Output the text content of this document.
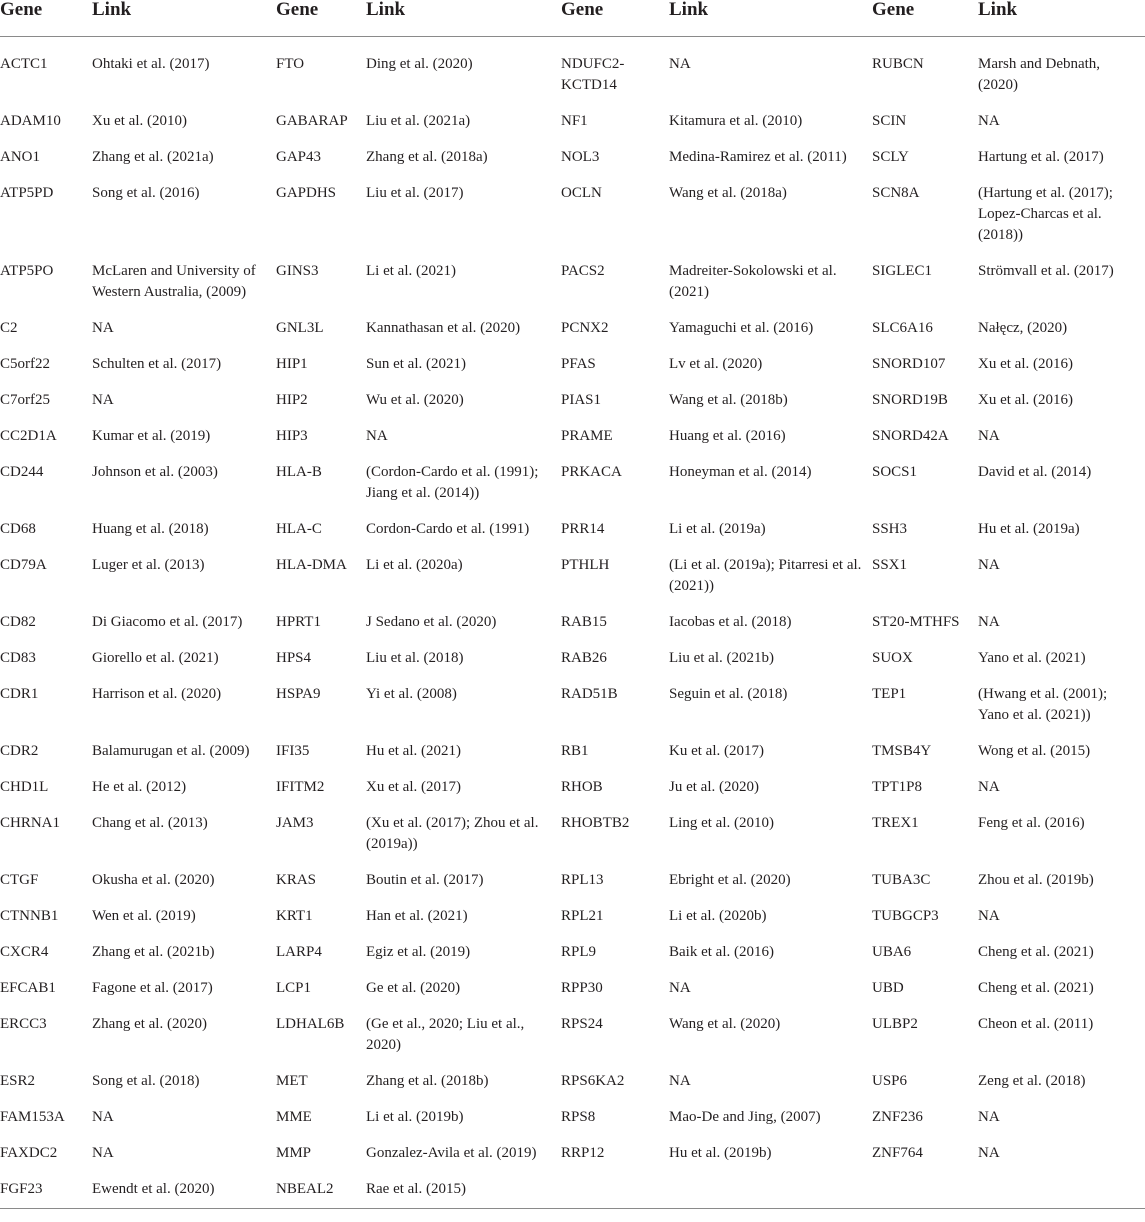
Gene	Link	Gene	Link	Gene	Link	Gene	Link
ACTC1	Ohtaki et al. (2017)	FTO	Ding et al. (2020)	NDUFC2-KCTD14	NA	RUBCN	Marsh and Debnath, (2020)
ADAM10	Xu et al. (2010)	GABARAP	Liu et al. (2021a)	NF1	Kitamura et al. (2010)	SCIN	NA
ANO1	Zhang et al. (2021a)	GAP43	Zhang et al. (2018a)	NOL3	Medina-Ramirez et al. (2011)	SCLY	Hartung et al. (2017)
ATP5PD	Song et al. (2016)	GAPDHS	Liu et al. (2017)	OCLN	Wang et al. (2018a)	SCN8A	(Hartung et al. (2017); Lopez-Charcas et al. (2018))
ATP5PO	McLaren and University of Western Australia, (2009)	GINS3	Li et al. (2021)	PACS2	Madreiter-Sokolowski et al. (2021)	SIGLEC1	Strömvall et al. (2017)
C2	NA	GNL3L	Kannathasan et al. (2020)	PCNX2	Yamaguchi et al. (2016)	SLC6A16	Nałęcz, (2020)
C5orf22	Schulten et al. (2017)	HIP1	Sun et al. (2021)	PFAS	Lv et al. (2020)	SNORD107	Xu et al. (2016)
C7orf25	NA	HIP2	Wu et al. (2020)	PIAS1	Wang et al. (2018b)	SNORD19B	Xu et al. (2016)
CC2D1A	Kumar et al. (2019)	HIP3	NA	PRAME	Huang et al. (2016)	SNORD42A	NA
CD244	Johnson et al. (2003)	HLA-B	(Cordon-Cardo et al. (1991); Jiang et al. (2014))	PRKACA	Honeyman et al. (2014)	SOCS1	David et al. (2014)
CD68	Huang et al. (2018)	HLA-C	Cordon-Cardo et al. (1991)	PRR14	Li et al. (2019a)	SSH3	Hu et al. (2019a)
CD79A	Luger et al. (2013)	HLA-DMA	Li et al. (2020a)	PTHLH	(Li et al. (2019a); Pitarresi et al. (2021))	SSX1	NA
CD82	Di Giacomo et al. (2017)	HPRT1	J Sedano et al. (2020)	RAB15	Iacobas et al. (2018)	ST20-MTHFS	NA
CD83	Giorello et al. (2021)	HPS4	Liu et al. (2018)	RAB26	Liu et al. (2021b)	SUOX	Yano et al. (2021)
CDR1	Harrison et al. (2020)	HSPA9	Yi et al. (2008)	RAD51B	Seguin et al. (2018)	TEP1	(Hwang et al. (2001); Yano et al. (2021))
CDR2	Balamurugan et al. (2009)	IFI35	Hu et al. (2021)	RB1	Ku et al. (2017)	TMSB4Y	Wong et al. (2015)
CHD1L	He et al. (2012)	IFITM2	Xu et al. (2017)	RHOB	Ju et al. (2020)	TPT1P8	NA
CHRNA1	Chang et al. (2013)	JAM3	(Xu et al. (2017); Zhou et al. (2019a))	RHOBTB2	Ling et al. (2010)	TREX1	Feng et al. (2016)
CTGF	Okusha et al. (2020)	KRAS	Boutin et al. (2017)	RPL13	Ebright et al. (2020)	TUBA3C	Zhou et al. (2019b)
CTNNB1	Wen et al. (2019)	KRT1	Han et al. (2021)	RPL21	Li et al. (2020b)	TUBGCP3	NA
CXCR4	Zhang et al. (2021b)	LARP4	Egiz et al. (2019)	RPL9	Baik et al. (2016)	UBA6	Cheng et al. (2021)
EFCAB1	Fagone et al. (2017)	LCP1	Ge et al. (2020)	RPP30	NA	UBD	Cheng et al. (2021)
ERCC3	Zhang et al. (2020)	LDHAL6B	(Ge et al., 2020; Liu et al., 2020)	RPS24	Wang et al. (2020)	ULBP2	Cheon et al. (2011)
ESR2	Song et al. (2018)	MET	Zhang et al. (2018b)	RPS6KA2	NA	USP6	Zeng et al. (2018)
FAM153A	NA	MME	Li et al. (2019b)	RPS8	Mao-De and Jing, (2007)	ZNF236	NA
FAXDC2	NA	MMP	Gonzalez-Avila et al. (2019)	RRP12	Hu et al. (2019b)	ZNF764	NA
FGF23	Ewendt et al. (2020)	NBEAL2	Rae et al. (2015)				
